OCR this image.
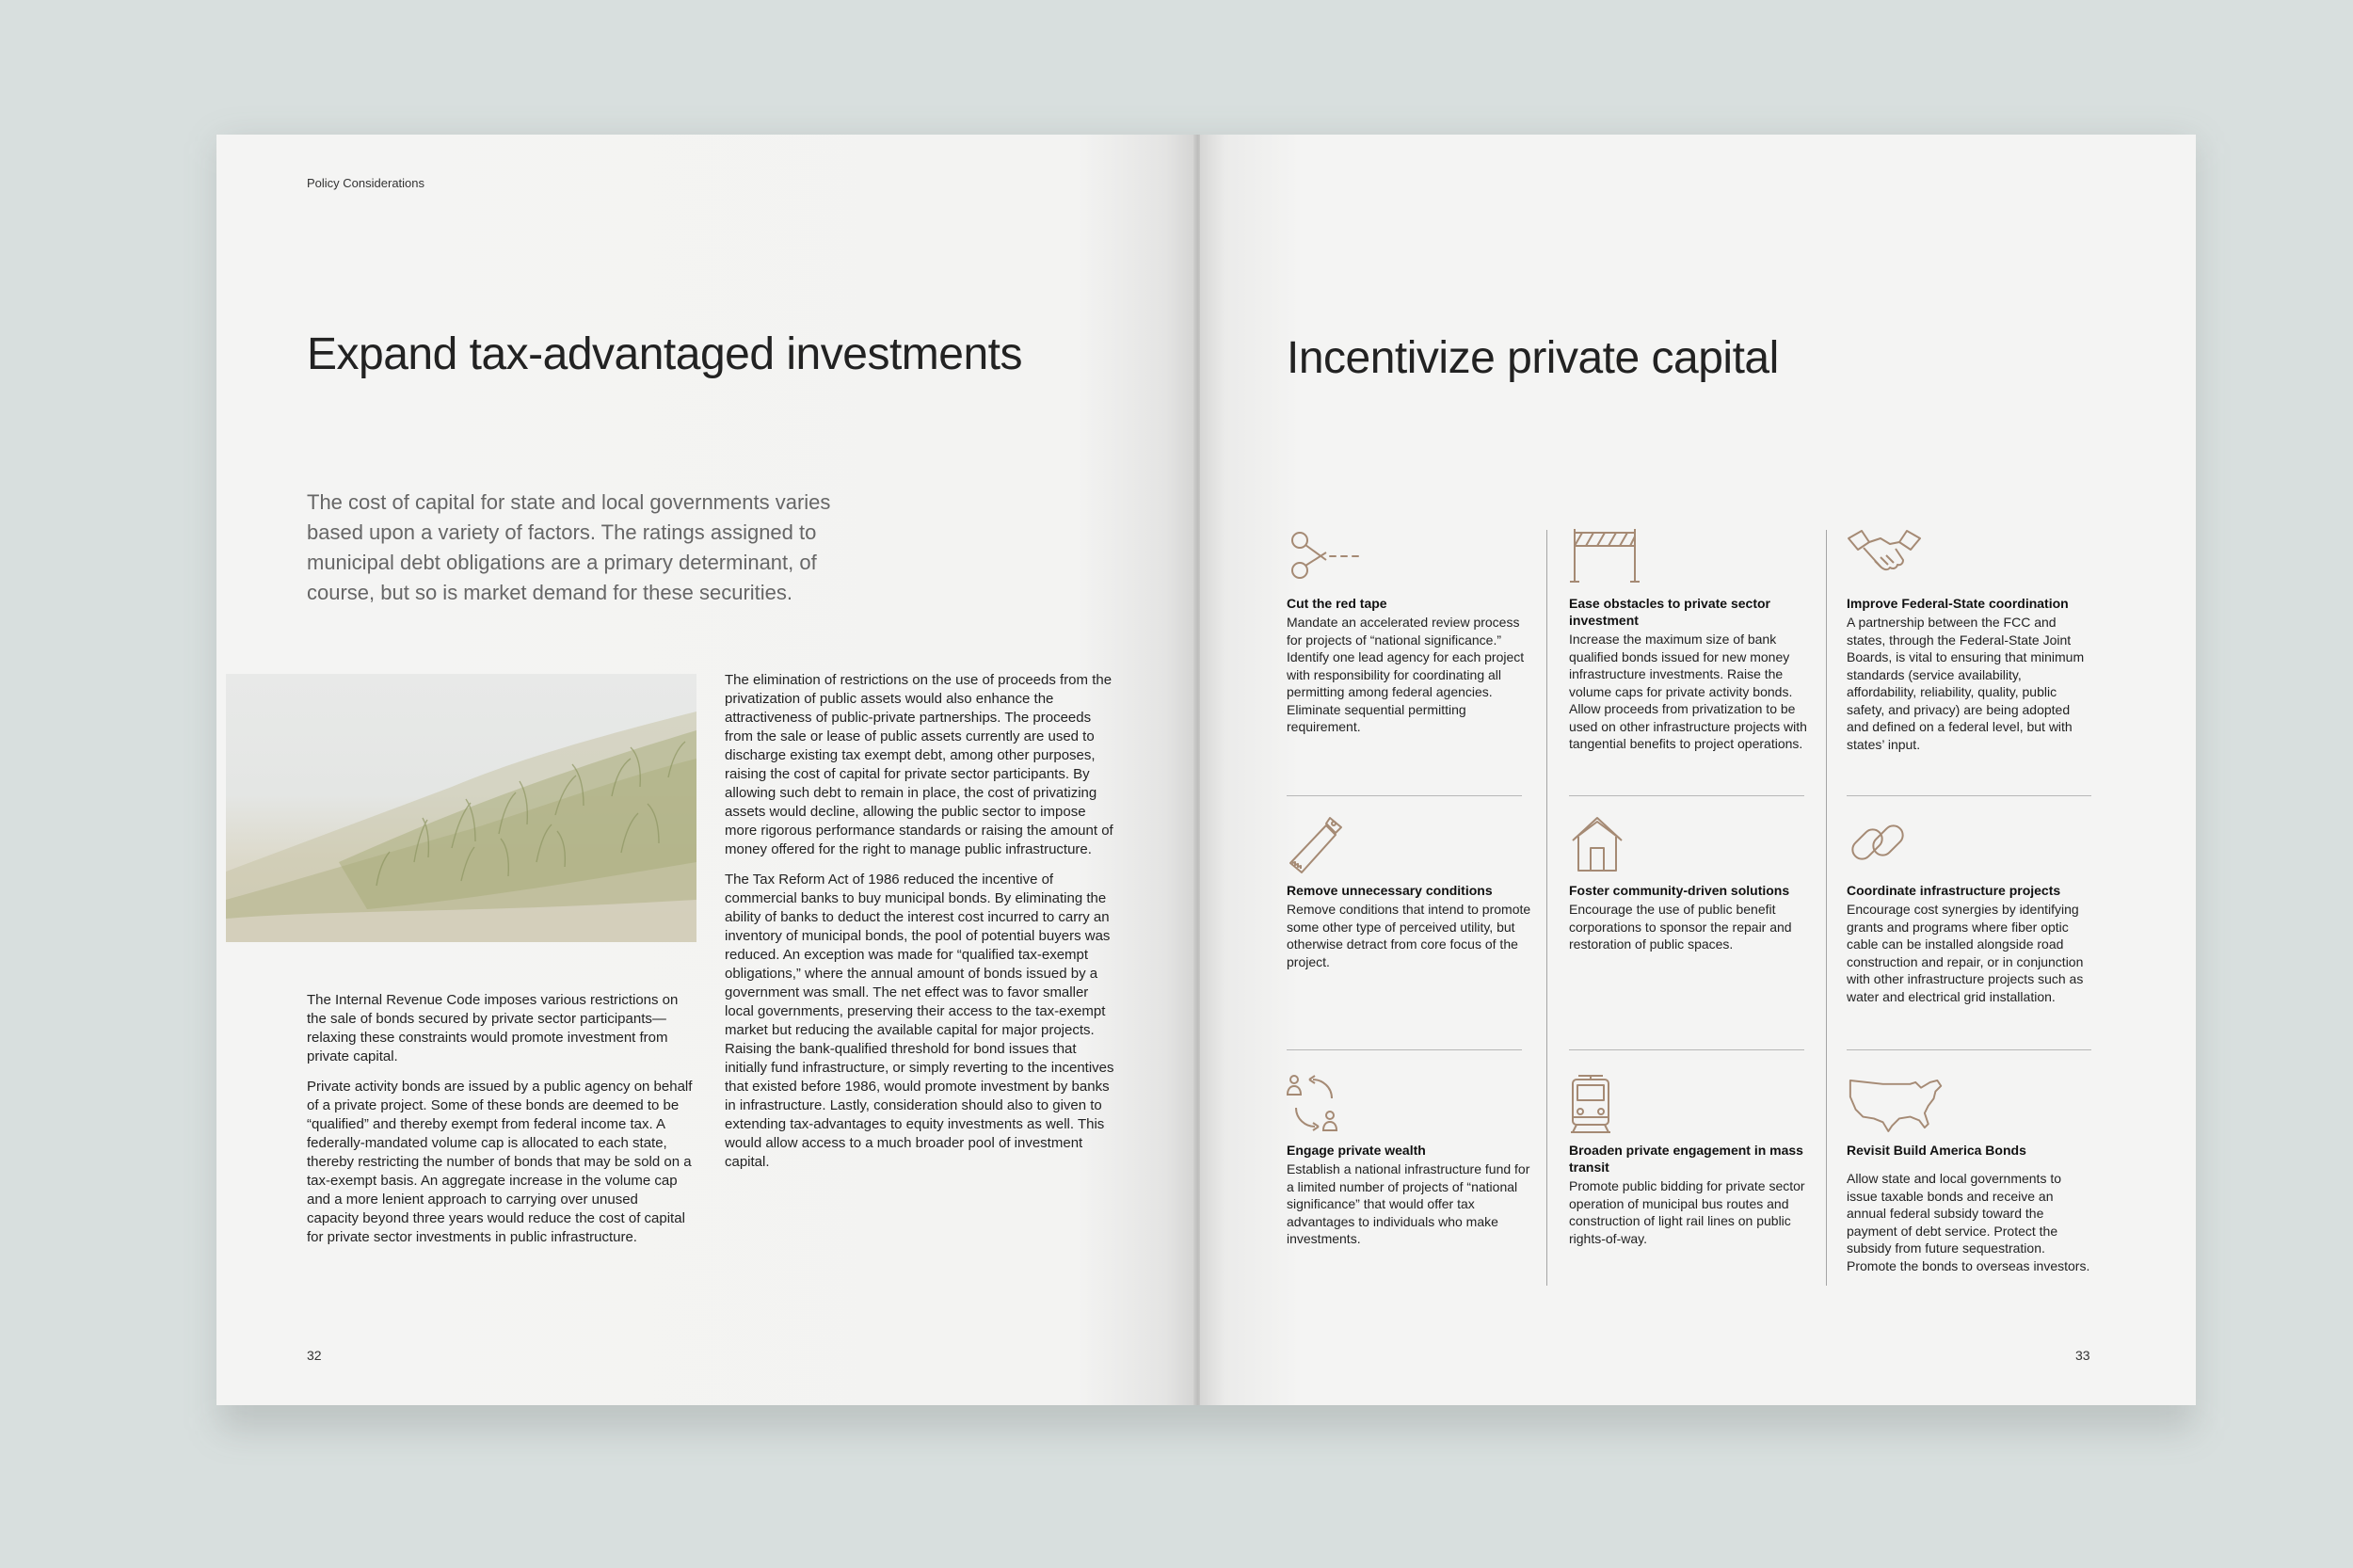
Policy Considerations
Expand tax-advantaged investments
The cost of capital for state and local governments varies based upon a variety of factors. The ratings assigned to municipal debt obligations are a primary determinant, of course, but so is market demand for these securities.

The Internal Revenue Code imposes various restrictions on the sale of bonds secured by private sector participants—relaxing these constraints would promote investment from private capital.

Private activity bonds are issued by a public agency on behalf of a private project. Some of these bonds are deemed to be “qualified” and thereby exempt from federal income tax. A federally-mandated volume cap is allocated to each state, thereby restricting the number of bonds that may be sold on a tax-exempt basis. An aggregate increase in the volume cap and a more lenient approach to carrying over unused capacity beyond three years would reduce the cost of capital for private sector investments in public infrastructure.

The elimination of restrictions on the use of proceeds from the privatization of public assets would also enhance the attractiveness of public-private partnerships. The proceeds from the sale or lease of public assets currently are used to discharge existing tax exempt debt, among other purposes, raising the cost of capital for private sector participants. By allowing such debt to remain in place, the cost of privatizing assets would decline, allowing the public sector to impose more rigorous performance standards or raising the amount of money offered for the right to manage public infrastructure.

The Tax Reform Act of 1986 reduced the incentive of commercial banks to buy municipal bonds. By eliminating the ability of banks to deduct the interest cost incurred to carry an inventory of municipal bonds, the pool of potential buyers was reduced. An exception was made for “qualified tax-exempt obligations,” where the annual amount of bonds issued by a government was small. The net effect was to favor smaller local governments, preserving their access to the tax-exempt market but reducing the available capital for major projects. Raising the bank-qualified threshold for bond issues that initially fund infrastructure, or simply reverting to the incentives that existed before 1986, would promote investment by banks in infrastructure. Lastly, consideration should also to given to extending tax-advantages to equity investments as well. This would allow access to a much broader pool of investment capital.

32
Incentivize private capital
Cut the red tape

Mandate an accelerated review process for projects of “national significance.” Identify one lead agency for each project with responsibility for coordinating all permitting among federal agencies. Eliminate sequential permitting requirement.

Ease obstacles to private sector investment

Increase the maximum size of bank qualified bonds issued for new money infrastructure investments. Raise the volume caps for private activity bonds. Allow proceeds from privatization to be used on other infrastructure projects with tangential benefits to project operations.

Improve Federal-State coordination

A partnership between the FCC and states, through the Federal-State Joint Boards, is vital to ensuring that minimum standards (service availability, affordability, reliability, quality, public safety, and privacy) are being adopted and defined on a federal level, but with states’ input.

Remove unnecessary conditions

Remove conditions that intend to promote some other type of perceived utility, but otherwise detract from core focus of the project.

Foster community-driven solutions

Encourage the use of public benefit corporations to sponsor the repair and restoration of public spaces.

Coordinate infrastructure projects

Encourage cost synergies by identifying grants and programs where fiber optic cable can be installed alongside road construction and repair, or in conjunction with other infrastructure projects such as water and electrical grid installation.

Engage private wealth

Establish a national infrastructure fund for a limited number of projects of “national significance” that would offer tax advantages to individuals who make investments.

Broaden private engagement in mass transit

Promote public bidding for private sector operation of municipal bus routes and construction of light rail lines on public rights-of-way.

Revisit Build America Bonds

Allow state and local governments to issue taxable bonds and receive an annual federal subsidy toward the payment of debt service. Protect the subsidy from future sequestration. Promote the bonds to overseas investors.

33
